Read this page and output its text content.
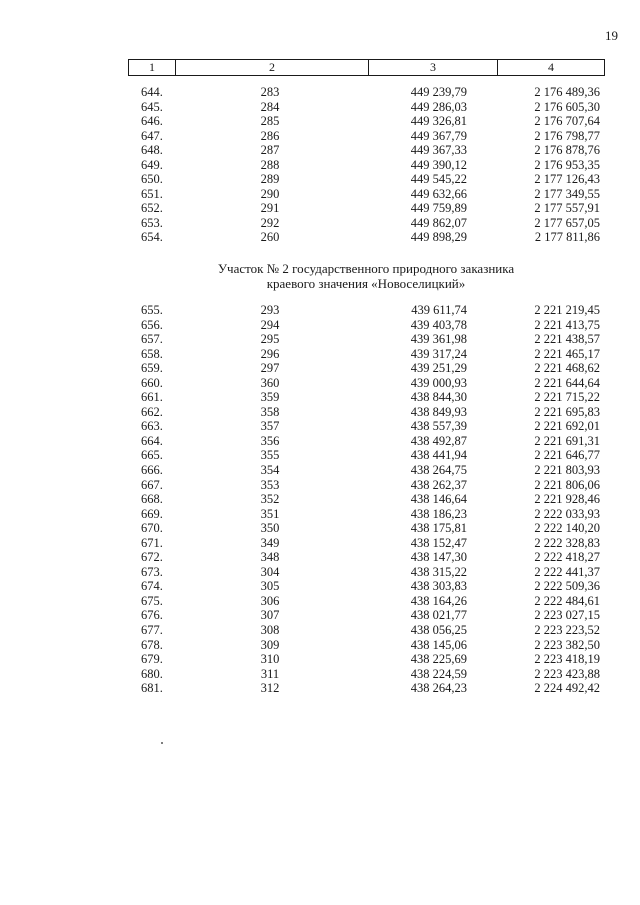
19
1	2	3	4
644.	283	449 239,79	2 176 489,36
645.	284	449 286,03	2 176 605,30
646.	285	449 326,81	2 176 707,64
647.	286	449 367,79	2 176 798,77
648.	287	449 367,33	2 176 878,76
649.	288	449 390,12	2 176 953,35
650.	289	449 545,22	2 177 126,43
651.	290	449 632,66	2 177 349,55
652.	291	449 759,89	2 177 557,91
653.	292	449 862,07	2 177 657,05
654.	260	449 898,29	2 177 811,86
Участок № 2 государственного природного заказника
краевого значения «Новоселицкий»
655.	293	439 611,74	2 221 219,45
656.	294	439 403,78	2 221 413,75
657.	295	439 361,98	2 221 438,57
658.	296	439 317,24	2 221 465,17
659.	297	439 251,29	2 221 468,62
660.	360	439 000,93	2 221 644,64
661.	359	438 844,30	2 221 715,22
662.	358	438 849,93	2 221 695,83
663.	357	438 557,39	2 221 692,01
664.	356	438 492,87	2 221 691,31
665.	355	438 441,94	2 221 646,77
666.	354	438 264,75	2 221 803,93
667.	353	438 262,37	2 221 806,06
668.	352	438 146,64	2 221 928,46
669.	351	438 186,23	2 222 033,93
670.	350	438 175,81	2 222 140,20
671.	349	438 152,47	2 222 328,83
672.	348	438 147,30	2 222 418,27
673.	304	438 315,22	2 222 441,37
674.	305	438 303,83	2 222 509,36
675.	306	438 164,26	2 222 484,61
676.	307	438 021,77	2 223 027,15
677.	308	438 056,25	2 223 223,52
678.	309	438 145,06	2 223 382,50
679.	310	438 225,69	2 223 418,19
680.	311	438 224,59	2 223 423,88
681.	312	438 264,23	2 224 492,42
